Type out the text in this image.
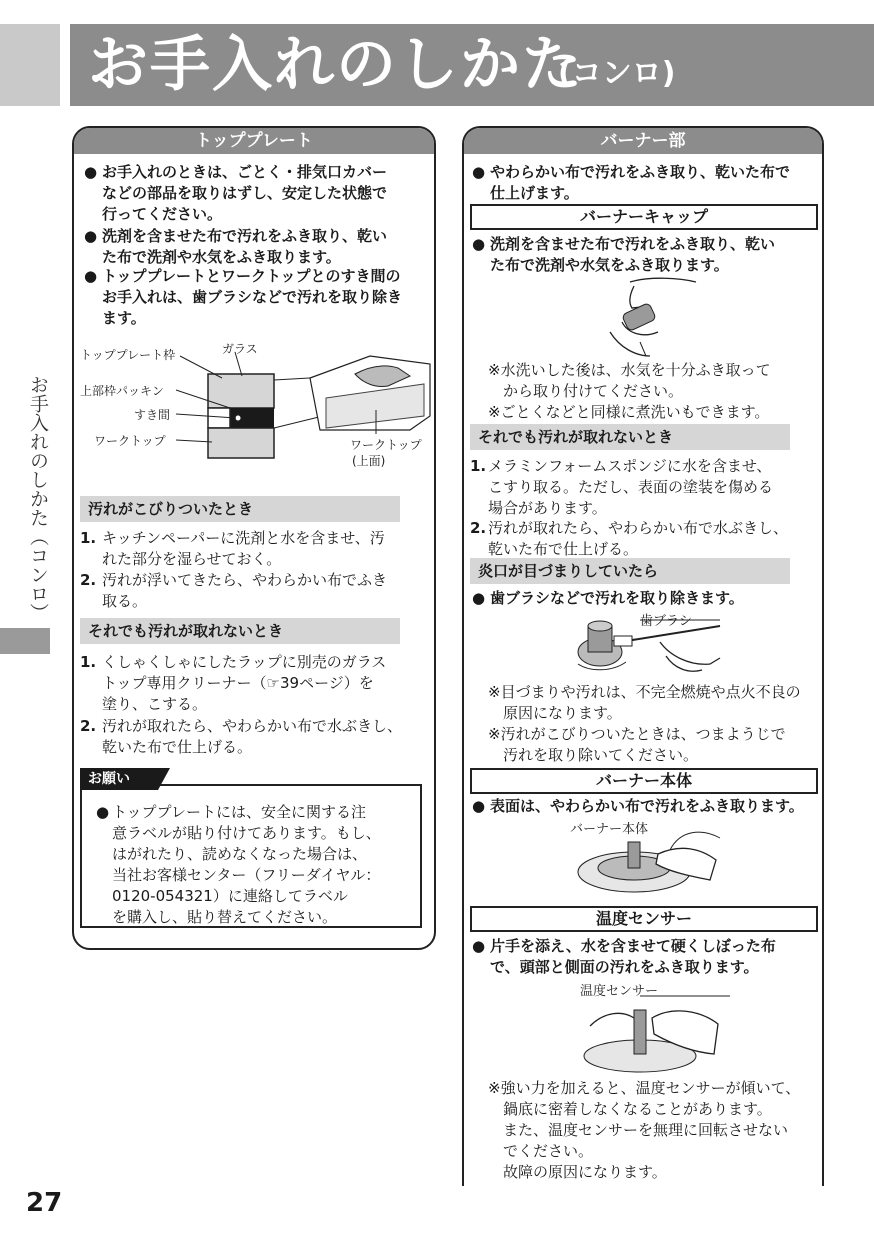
お手入れのしかた
(コンロ)
お手入れのしかた（コンロ）
27
トッププレート
● お手入れのときは、ごとく・排気口カバー
などの部品を取りはずし、安定した状態で
行ってください。
● 洗剤を含ませた布で汚れをふき取り、乾い
た布で洗剤や水気をふき取ります。
● トッププレートとワークトップとのすき間の
お手入れは、歯ブラシなどで汚れを取り除き
ます。
トッププレート枠	ガラス
上部枠パッキン
すき間
ワークトップ	ワークトップ
(上面)
汚れがこびりついたとき
1. キッチンペーパーに洗剤と水を含ませ、汚
れた部分を湿らせておく。
2. 汚れが浮いてきたら、やわらかい布でふき
取る。
それでも汚れが取れないとき
1. くしゃくしゃにしたラップに別売のガラス
トップ専用クリーナー（☞39ページ）を
塗り、こする。
2. 汚れが取れたら、やわらかい布で水ぶきし、
乾いた布で仕上げる。
お願い
● トッププレートには、安全に関する注
意ラベルが貼り付けてあります。もし、
はがれたり、読めなくなった場合は、
当社お客様センター（フリーダイヤル：
0120-054321）に連絡してラベル
を購入し、貼り替えてください。
バーナー部
● やわらかい布で汚れをふき取り、乾いた布で
仕上げます。
バーナーキャップ
● 洗剤を含ませた布で汚れをふき取り、乾い
た布で洗剤や水気をふき取ります。
※水洗いした後は、水気を十分ふき取って
　から取り付けてください。
※ごとくなどと同様に煮洗いもできます。
それでも汚れが取れないとき
1. メラミンフォームスポンジに水を含ませ、
こすり取る。ただし、表面の塗装を傷める
場合があります。
2. 汚れが取れたら、やわらかい布で水ぶきし、
乾いた布で仕上げる。
炎口が目づまりしていたら
● 歯ブラシなどで汚れを取り除きます。
歯ブラシ
※目づまりや汚れは、不完全燃焼や点火不良の
　原因になります。
※汚れがこびりついたときは、つまようじで
　汚れを取り除いてください。
バーナー本体
● 表面は、やわらかい布で汚れをふき取ります。
バーナー本体
温度センサー
● 片手を添え、水を含ませて硬くしぼった布
で、頭部と側面の汚れをふき取ります。
温度センサー
※強い力を加えると、温度センサーが傾いて、
　鍋底に密着しなくなることがあります。
　また、温度センサーを無理に回転させない
　でください。
　故障の原因になります。
